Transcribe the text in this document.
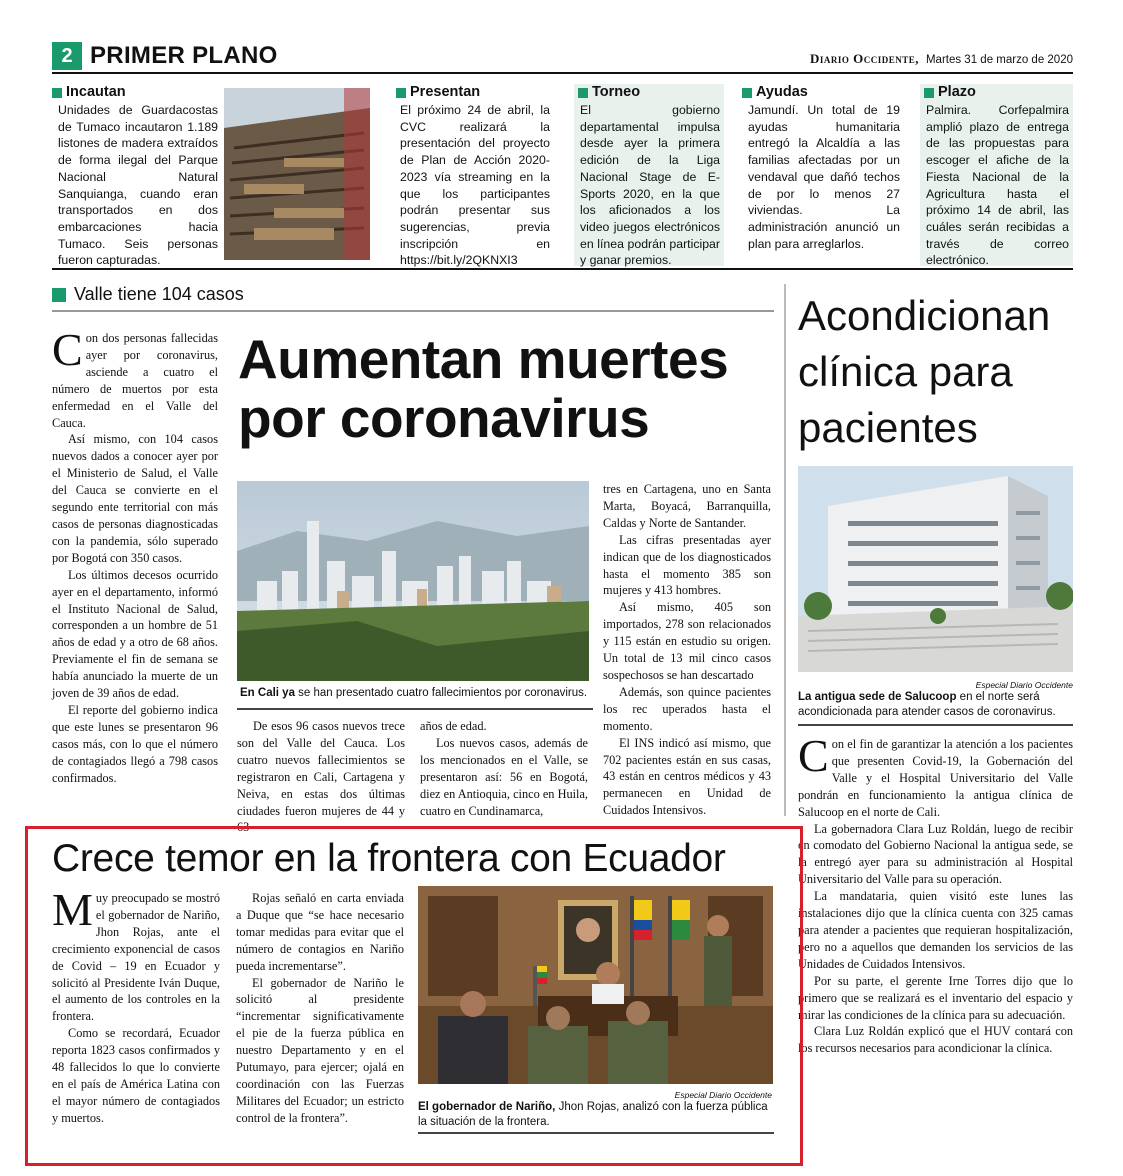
2 PRIMER PLANO	Diario Occidente, Martes 31 de marzo de 2020
Incautan
Unidades de Guardacostas de Tumaco incautaron 1.189 listones de madera extraídos de forma ilegal del Parque Nacional Natural Sanquianga, cuando eran transportados en dos embarcaciones hacia Tumaco. Seis personas fueron capturadas.
Presentan
El próximo 24 de abril, la CVC realizará la presentación del proyecto de Plan de Acción 2020-2023 vía streaming en la que los participantes podrán presentar sus sugerencias, previa inscripción en https://bit.ly/2QKNXI3
Torneo
El gobierno departamental impulsa desde ayer la primera edición de la Liga Nacional Stage de E-Sports 2020, en la que los aficionados a los video juegos electrónicos en línea podrán participar y ganar premios.
Ayudas
Jamundí. Un total de 19 ayudas humanitaria entregó la Alcaldía a las familias afectadas por un vendaval que dañó techos de por lo menos 27 viviendas. La administración anunció un plan para arreglarlos.
Plazo
Palmira. Corfepalmira amplió plazo de entrega de las propuestas para escoger el afiche de la Fiesta Nacional de la Agricultura hasta el próximo 14 de abril, las cuáles serán recibidas a través de correo electrónico.
Valle tiene 104 casos
Aumentan muertes por coronavirus

Con dos personas fallecidas ayer por coronavirus, asciende a cuatro el número de muertos por esta enfermedad en el Valle del Cauca.

Así mismo, con 104 casos nuevos dados a conocer ayer por el Ministerio de Salud, el Valle del Cauca se convierte en el segundo ente territorial con más casos de personas diagnosticadas con la pandemia, sólo superado por Bogotá con 350 casos.

Los últimos decesos ocurrido ayer en el departamento, informó el Instituto Nacional de Salud, corresponden a un hombre de 51 años de edad y a otro de 68 años. Previamente el fin de semana se había anunciado la muerte de un joven de 39 años de edad.

El reporte del gobierno indica que este lunes se presentaron 96 casos más, con lo que el número de contagiados llegó a 798 casos confirmados.

En Cali ya se han presentado cuatro fallecimientos por coronavirus.

De esos 96 casos nuevos trece son del Valle del Cauca. Los cuatro nuevos fallecimientos se registraron en Cali, Cartagena y Neiva, en estas dos últimas ciudades fueron mujeres de 44 y 63

años de edad.

Los nuevos casos, además de los mencionados en el Valle, se presentaron así: 56 en Bogotá, diez en Antioquia, cinco en Huila, cuatro en Cundinamarca,

tres en Cartagena, uno en Santa Marta, Boyacá, Barranquilla, Caldas y Norte de Santander.

Las cifras presentadas ayer indican que de los diagnosticados hasta el momento 385 son mujeres y 413 hombres.

Así mismo, 405 son importados, 278 son relacionados y 115 están en estudio su origen. Un total de 13 mil cinco casos sospechosos se han descartado

Además, son quince pacientes los rec uperados hasta el momento.

El INS indicó así mismo, que 702 pacientes están en sus casas, 43 están en centros médicos y 43 permanecen en Unidad de Cuidados Intensivos.

Acondicionan clínica para pacientes
Especial Diario Occidente
La antigua sede de Salucoop en el norte será acondicionada para atender casos de coronavirus.

Con el fin de garantizar la atención a los pacientes que presenten Covid-19, la Gobernación del Valle y el Hospital Universitario del Valle pondrán en funcionamiento la antigua clínica de Salucoop en el norte de Cali.

La gobernadora Clara Luz Roldán, luego de recibir en comodato del Gobierno Nacional la antigua sede, se la entregó ayer para su administración al Hospital Universitario del Valle para su operación.

La mandataria, quien visitó este lunes las instalaciones dijo que la clínica cuenta con 325 camas para atender a pacientes que requieran hospitalización, pero no a aquellos que demanden los servicios de las Unidades de Cuidados Intensivos.

Por su parte, el gerente Irne Torres dijo que lo primero que se realizará es el inventario del espacio y mirar las condiciones de la clínica para su adecuación.

Clara Luz Roldán explicó que el HUV contará con los recursos necesarios para acondicionar la clínica.

Crece temor en la frontera con Ecuador

Muy preocupado se mostró el gobernador de Nariño, Jhon Rojas, ante el crecimiento exponencial de casos de Covid – 19 en Ecuador y solicitó al Presidente Iván Duque, el aumento de los controles en la frontera.

Como se recordará, Ecuador reporta 1823 casos confirmados y 48 fallecidos lo que lo convierte en el país de América Latina con el mayor número de contagiados y muertos.

Rojas señaló en carta enviada a Duque que “se hace necesario tomar medidas para evitar que el número de contagios en Nariño pueda incrementarse”.

El gobernador de Nariño le solicitó al presidente “incrementar significativamente el pie de la fuerza pública en nuestro Departamento y en el Putumayo, para ejercer; ojalá en coordinación con las Fuerzas Militares del Ecuador; un estricto control de la frontera”.

Especial Diario Occidente
El gobernador de Nariño, Jhon Rojas, analizó con la fuerza pública la situación de la frontera.
